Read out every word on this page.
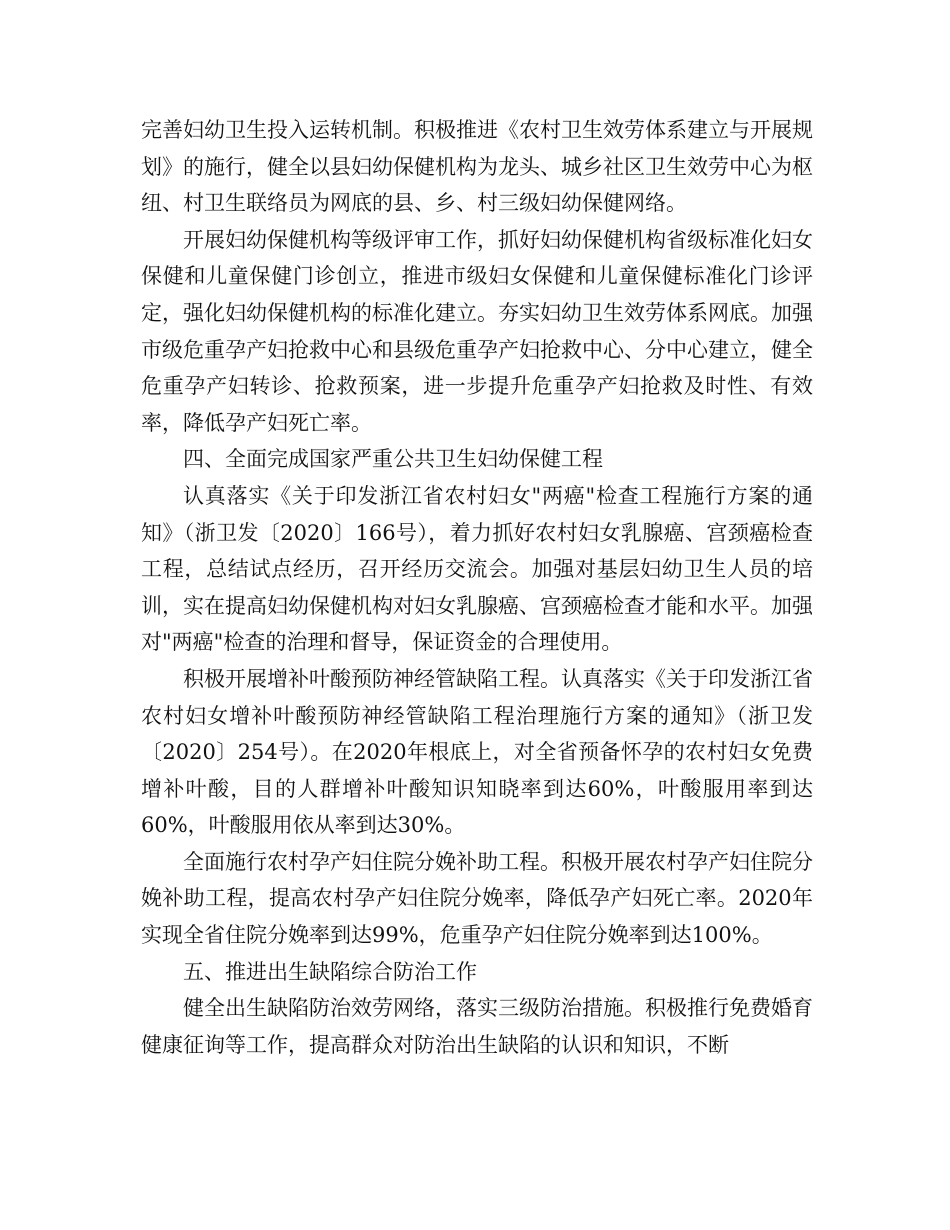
完善妇幼卫生投入运转机制。积极推进《农村卫生效劳体系建立与开展规划》的施行，健全以县妇幼保健机构为龙头、城乡社区卫生效劳中心为枢纽、村卫生联络员为网底的县、乡、村三级妇幼保健网络。

开展妇幼保健机构等级评审工作，抓好妇幼保健机构省级标准化妇女保健和儿童保健门诊创立，推进市级妇女保健和儿童保健标准化门诊评定，强化妇幼保健机构的标准化建立。夯实妇幼卫生效劳体系网底。加强市级危重孕产妇抢救中心和县级危重孕产妇抢救中心、分中心建立，健全危重孕产妇转诊、抢救预案，进一步提升危重孕产妇抢救及时性、有效率，降低孕产妇死亡率。

四、全面完成国家严重公共卫生妇幼保健工程

认真落实《关于印发浙江省农村妇女"两癌"检查工程施行方案的通知》（浙卫发〔2020〕166号），着力抓好农村妇女乳腺癌、宫颈癌检查工程，总结试点经历，召开经历交流会。加强对基层妇幼卫生人员的培训，实在提高妇幼保健机构对妇女乳腺癌、宫颈癌检查才能和水平。加强对"两癌"检查的治理和督导，保证资金的合理使用。

积极开展增补叶酸预防神经管缺陷工程。认真落实《关于印发浙江省农村妇女增补叶酸预防神经管缺陷工程治理施行方案的通知》（浙卫发〔2020〕254号）。在2020年根底上，对全省预备怀孕的农村妇女免费增补叶酸，目的人群增补叶酸知识知晓率到达60%，叶酸服用率到达60%，叶酸服用依从率到达30%。

全面施行农村孕产妇住院分娩补助工程。积极开展农村孕产妇住院分娩补助工程，提高农村孕产妇住院分娩率，降低孕产妇死亡率。2020年实现全省住院分娩率到达99%，危重孕产妇住院分娩率到达100%。

五、推进出生缺陷综合防治工作

健全出生缺陷防治效劳网络，落实三级防治措施。积极推行免费婚育健康征询等工作，提高群众对防治出生缺陷的认识和知识，不断
